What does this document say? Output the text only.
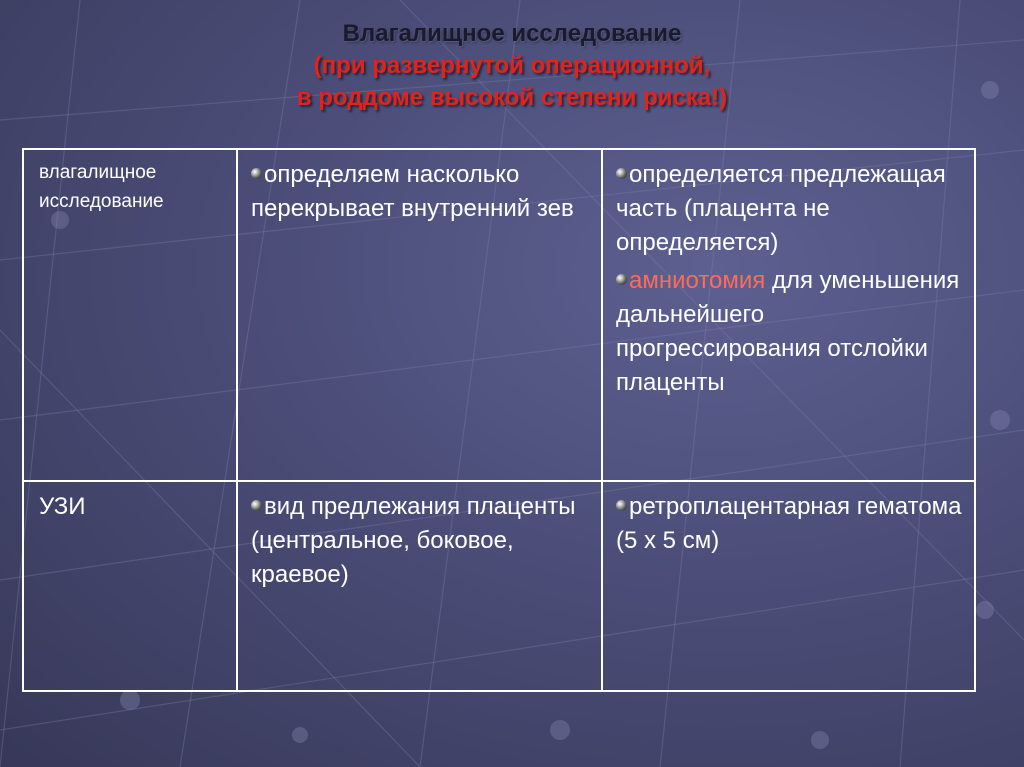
Влагалищное исследование
(при развернутой операционной,
в роддоме высокой степени риска!)
влагалищное исследование

определяем насколько перекрывает внутренний зев

определяется предлежащая часть (плацента не определяется)

амниотомия для уменьшения дальнейшего прогрессирования отслойки плаценты

УЗИ	вид предлежания плаценты (центральное, боковое, краевое)

ретроплацентарная гематома (5 х 5 см)
